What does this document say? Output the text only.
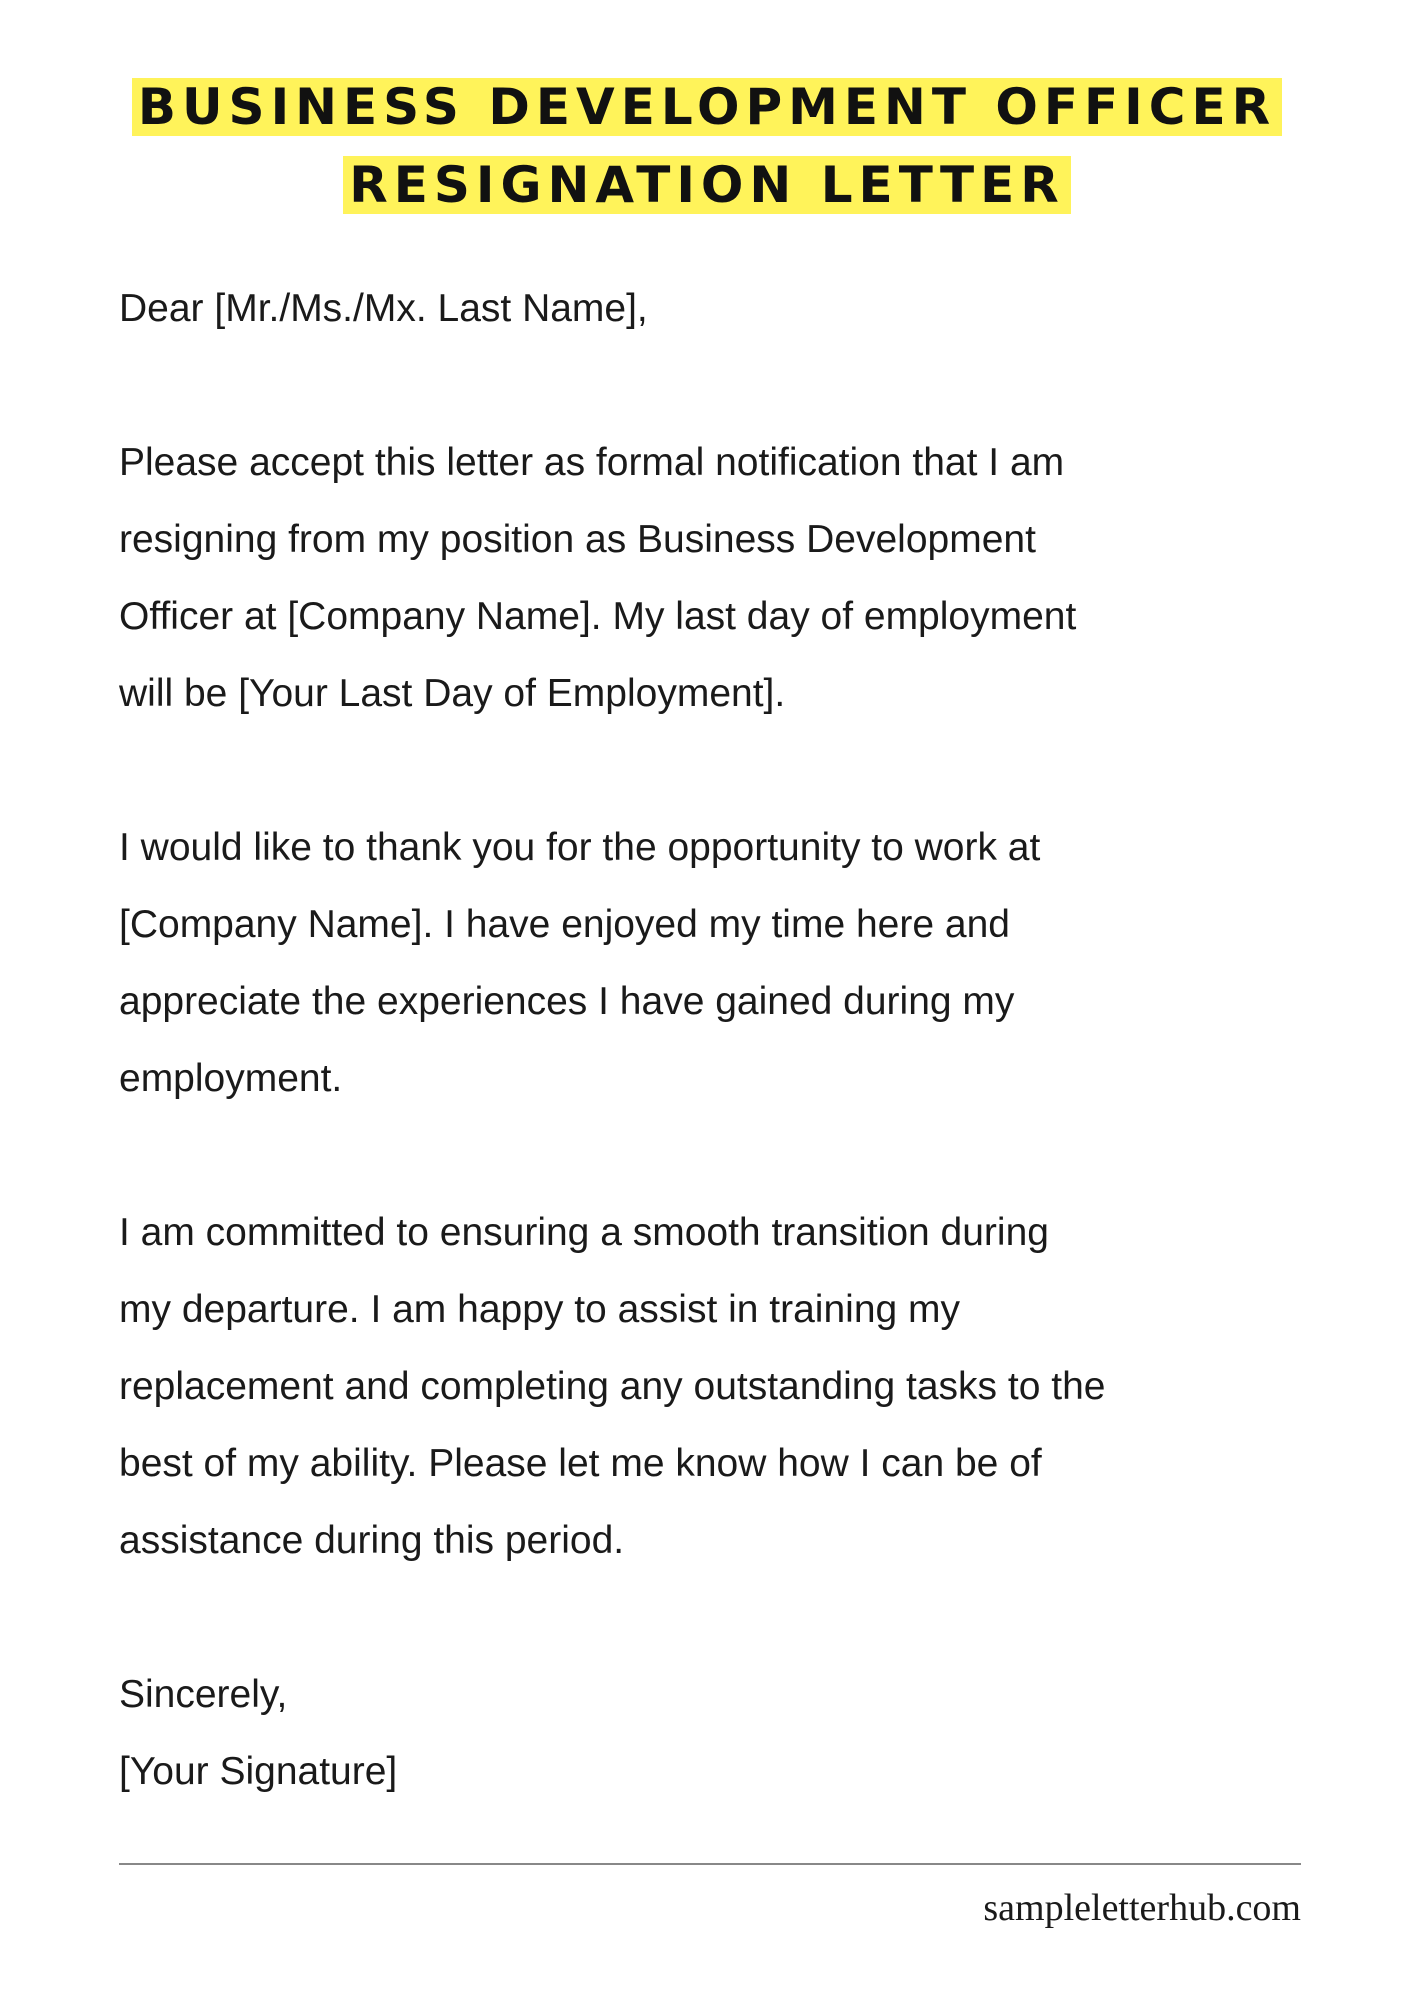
BUSINESS DEVELOPMENT OFFICER
RESIGNATION LETTER

Dear [Mr./Ms./Mx. Last Name],

Please accept this letter as formal notification that I am

resigning from my position as Business Development

Officer at [Company Name]. My last day of employment

will be [Your Last Day of Employment].

I would like to thank you for the opportunity to work at

[Company Name]. I have enjoyed my time here and

appreciate the experiences I have gained during my

employment.

I am committed to ensuring a smooth transition during

my departure. I am happy to assist in training my

replacement and completing any outstanding tasks to the

best of my ability. Please let me know how I can be of

assistance during this period.

Sincerely,

[Your Signature]

sampleletterhub.com
